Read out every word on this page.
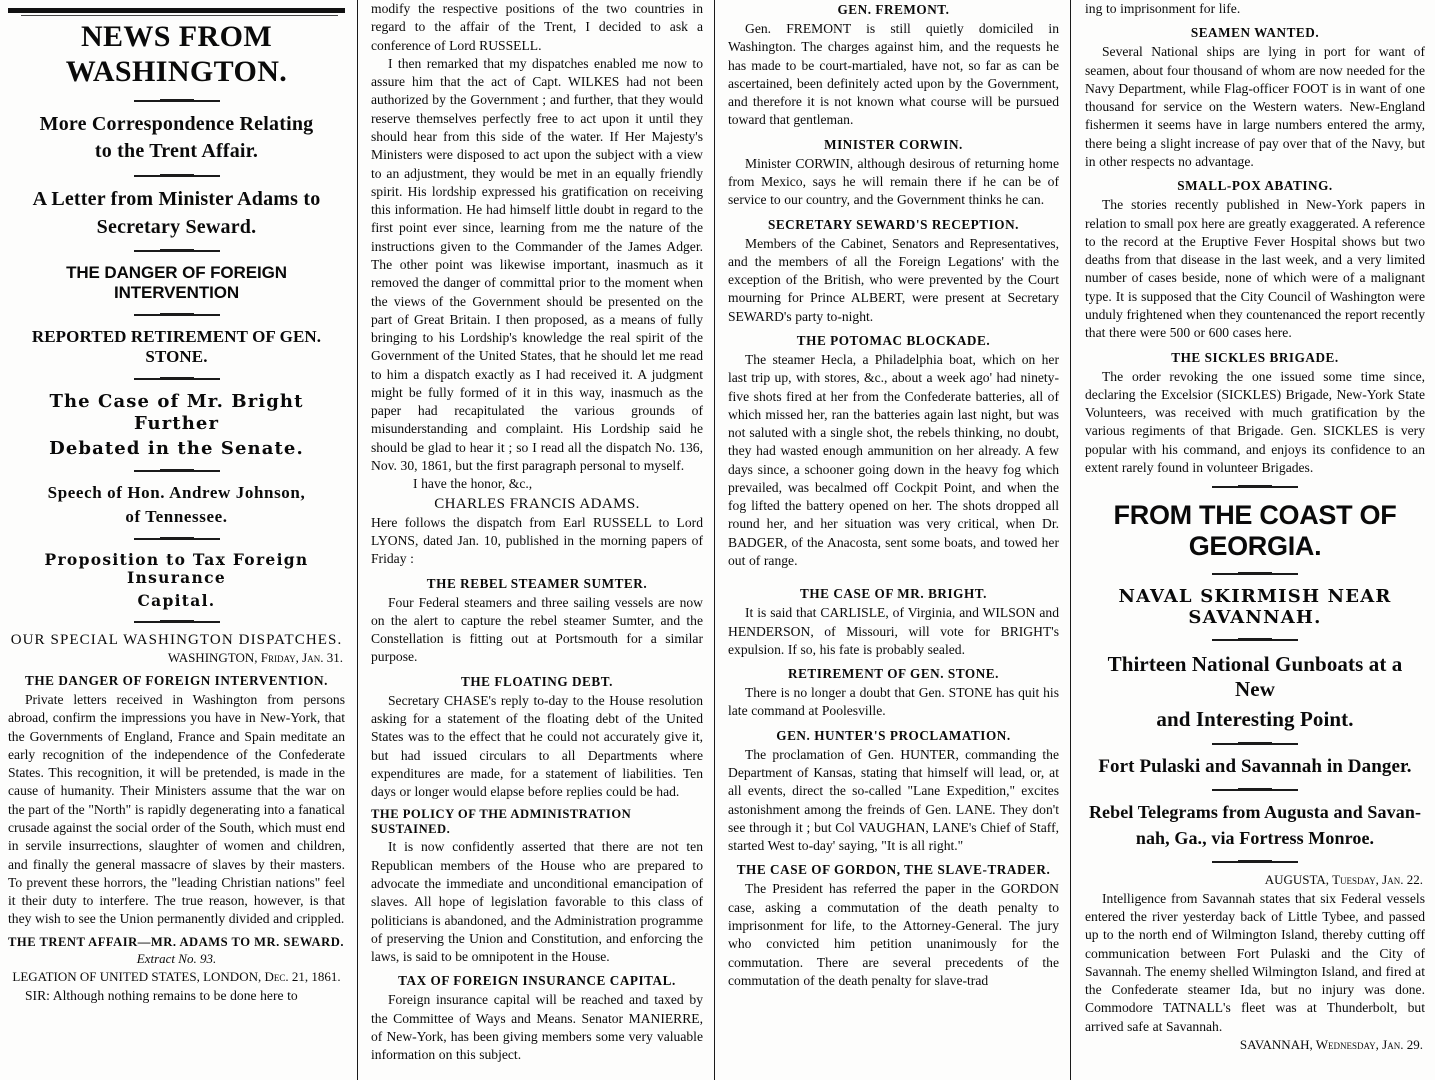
NEWS FROM WASHINGTON.
More Correspondence Relating
to the Trent Affair.
A Letter from Minister Adams to
Secretary Seward.
THE DANGER OF FOREIGN INTERVENTION
REPORTED RETIREMENT OF GEN. STONE.
The Case of Mr. Bright Further
Debated in the Senate.
Speech of Hon. Andrew Johnson,
of Tennessee.
Proposition to Tax Foreign Insurance
Capital.
OUR SPECIAL WASHINGTON DISPATCHES.
WASHINGTON, Friday, Jan. 31.
THE DANGER OF FOREIGN INTERVENTION.

Private letters received in Washington from persons abroad, confirm the impressions you have in New-York, that the Governments of England, France and Spain meditate an early recognition of the independence of the Confederate States. This recognition, it will be pretended, is made in the cause of humanity. Their Ministers assume that the war on the part of the "North" is rapidly degenerating into a fanatical crusade against the social order of the South, which must end in servile insurrections, slaughter of women and children, and finally the general massacre of slaves by their masters. To prevent these horrors, the "leading Christian nations" feel it their duty to interfere. The true reason, however, is that they wish to see the Union permanently divided and crippled.

THE TRENT AFFAIR—MR. ADAMS TO MR. SEWARD.
Extract No. 93.
LEGATION OF UNITED STATES, LONDON, Dec. 21, 1861.

SIR: Although nothing remains to be done here to

modify the respective positions of the two countries in regard to the affair of the Trent, I decided to ask a conference of Lord RUSSELL.

I then remarked that my dispatches enabled me now to assure him that the act of Capt. WILKES had not been authorized by the Government ; and further, that they would reserve themselves perfectly free to act upon it until they should hear from this side of the water. If Her Majesty's Ministers were disposed to act upon the subject with a view to an adjustment, they would be met in an equally friendly spirit. His lordship expressed his gratification on receiving this information. He had himself little doubt in regard to the first point ever since, learning from me the nature of the instructions given to the Commander of the James Adger. The other point was likewise important, inasmuch as it removed the danger of committal prior to the moment when the views of the Government should be presented on the part of Great Britain. I then proposed, as a means of fully bringing to his Lordship's knowledge the real spirit of the Government of the United States, that he should let me read to him a dispatch exactly as I had received it. A judgment might be fully formed of it in this way, inasmuch as the paper had recapitulated the various grounds of misunderstanding and complaint. His Lordship said he should be glad to hear it ; so I read all the dispatch No. 136, Nov. 30, 1861, but the first paragraph personal to myself.

I have the honor, &c.,

CHARLES FRANCIS ADAMS.

Here follows the dispatch from Earl RUSSELL to Lord LYONS, dated Jan. 10, published in the morning papers of Friday :

THE REBEL STEAMER SUMTER.

Four Federal steamers and three sailing vessels are now on the alert to capture the rebel steamer Sumter, and the Constellation is fitting out at Portsmouth for a similar purpose.

THE FLOATING DEBT.

Secretary CHASE's reply to-day to the House resolution asking for a statement of the floating debt of the United States was to the effect that he could not accurately give it, but had issued circulars to all Departments where expenditures are made, for a statement of liabilities. Ten days or longer would elapse before replies could be had.

THE POLICY OF THE ADMINISTRATION SUSTAINED.

It is now confidently asserted that there are not ten Republican members of the House who are prepared to advocate the immediate and unconditional emancipation of slaves. All hope of legislation favorable to this class of politicians is abandoned, and the Administration programme of preserving the Union and Constitution, and enforcing the laws, is said to be omnipotent in the House.

TAX OF FOREIGN INSURANCE CAPITAL.

Foreign insurance capital will be reached and taxed by the Committee of Ways and Means. Senator MANIERRE, of New-York, has been giving members some very valuable information on this subject.

GEN. FREMONT.

Gen. FREMONT is still quietly domiciled in Washington. The charges against him, and the requests he has made to be court-martialed, have not, so far as can be ascertained, been definitely acted upon by the Government, and therefore it is not known what course will be pursued toward that gentleman.

MINISTER CORWIN.

Minister CORWIN, although desirous of returning home from Mexico, says he will remain there if he can be of service to our country, and the Government thinks he can.

SECRETARY SEWARD'S RECEPTION.

Members of the Cabinet, Senators and Representatives, and the members of all the Foreign Legations' with the exception of the British, who were prevented by the Court mourning for Prince ALBERT, were present at Secretary SEWARD's party to-night.

THE POTOMAC BLOCKADE.

The steamer Hecla, a Philadelphia boat, which on her last trip up, with stores, &c., about a week ago' had ninety-five shots fired at her from the Confederate batteries, all of which missed her, ran the batteries again last night, but was not saluted with a single shot, the rebels thinking, no doubt, they had wasted enough ammunition on her already. A few days since, a schooner going down in the heavy fog which prevailed, was becalmed off Cockpit Point, and when the fog lifted the battery opened on her. The shots dropped all round her, and her situation was very critical, when Dr. BADGER, of the Anacosta, sent some boats, and towed her out of range.

THE CASE OF MR. BRIGHT.

It is said that CARLISLE, of Virginia, and WILSON and HENDERSON, of Missouri, will vote for BRIGHT's expulsion. If so, his fate is probably sealed.

RETIREMENT OF GEN. STONE.

There is no longer a doubt that Gen. STONE has quit his late command at Poolesville.

GEN. HUNTER'S PROCLAMATION.

The proclamation of Gen. HUNTER, commanding the Department of Kansas, stating that himself will lead, or, at all events, direct the so-called "Lane Expedition," excites astonishment among the freinds of Gen. LANE. They don't see through it ; but Col VAUGHAN, LANE's Chief of Staff, started West to-day' saying, "It is all right."

THE CASE OF GORDON, THE SLAVE-TRADER.

The President has referred the paper in the GORDON case, asking a commutation of the death penalty to imprisonment for life, to the Attorney-General. The jury who convicted him petition unanimously for the commutation. There are several precedents of the commutation of the death penalty for slave-trad

ing to imprisonment for life.

SEAMEN WANTED.

Several National ships are lying in port for want of seamen, about four thousand of whom are now needed for the Navy Department, while Flag-officer FOOT is in want of one thousand for service on the Western waters. New-England fishermen it seems have in large numbers entered the army, there being a slight increase of pay over that of the Navy, but in other respects no advantage.

SMALL-POX ABATING.

The stories recently published in New-York papers in relation to small pox here are greatly exaggerated. A reference to the record at the Eruptive Fever Hospital shows but two deaths from that disease in the last week, and a very limited number of cases beside, none of which were of a malignant type. It is supposed that the City Council of Washington were unduly frightened when they countenanced the report recently that there were 500 or 600 cases here.

THE SICKLES BRIGADE.

The order revoking the one issued some time since, declaring the Excelsior (SICKLES) Brigade, New-York State Volunteers, was received with much gratification by the various regiments of that Brigade. Gen. SICKLES is very popular with his command, and enjoys its confidence to an extent rarely found in volunteer Brigades.

FROM THE COAST OF GEORGIA.
NAVAL SKIRMISH NEAR SAVANNAH.
Thirteen National Gunboats at a New
and Interesting Point.
Fort Pulaski and Savannah in Danger.
Rebel Telegrams from Augusta and Savan-
nah, Ga., via Fortress Monroe.
AUGUSTA, Tuesday, Jan. 22.

Intelligence from Savannah states that six Federal vessels entered the river yesterday back of Little Tybee, and passed up to the north end of Wilmington Island, thereby cutting off communication between Fort Pulaski and the City of Savannah. The enemy shelled Wilmington Island, and fired at the Confederate steamer Ida, but no injury was done. Commodore TATNALL's fleet was at Thunderbolt, but arrived safe at Savannah.

SAVANNAH, Wednesday, Jan. 29.
